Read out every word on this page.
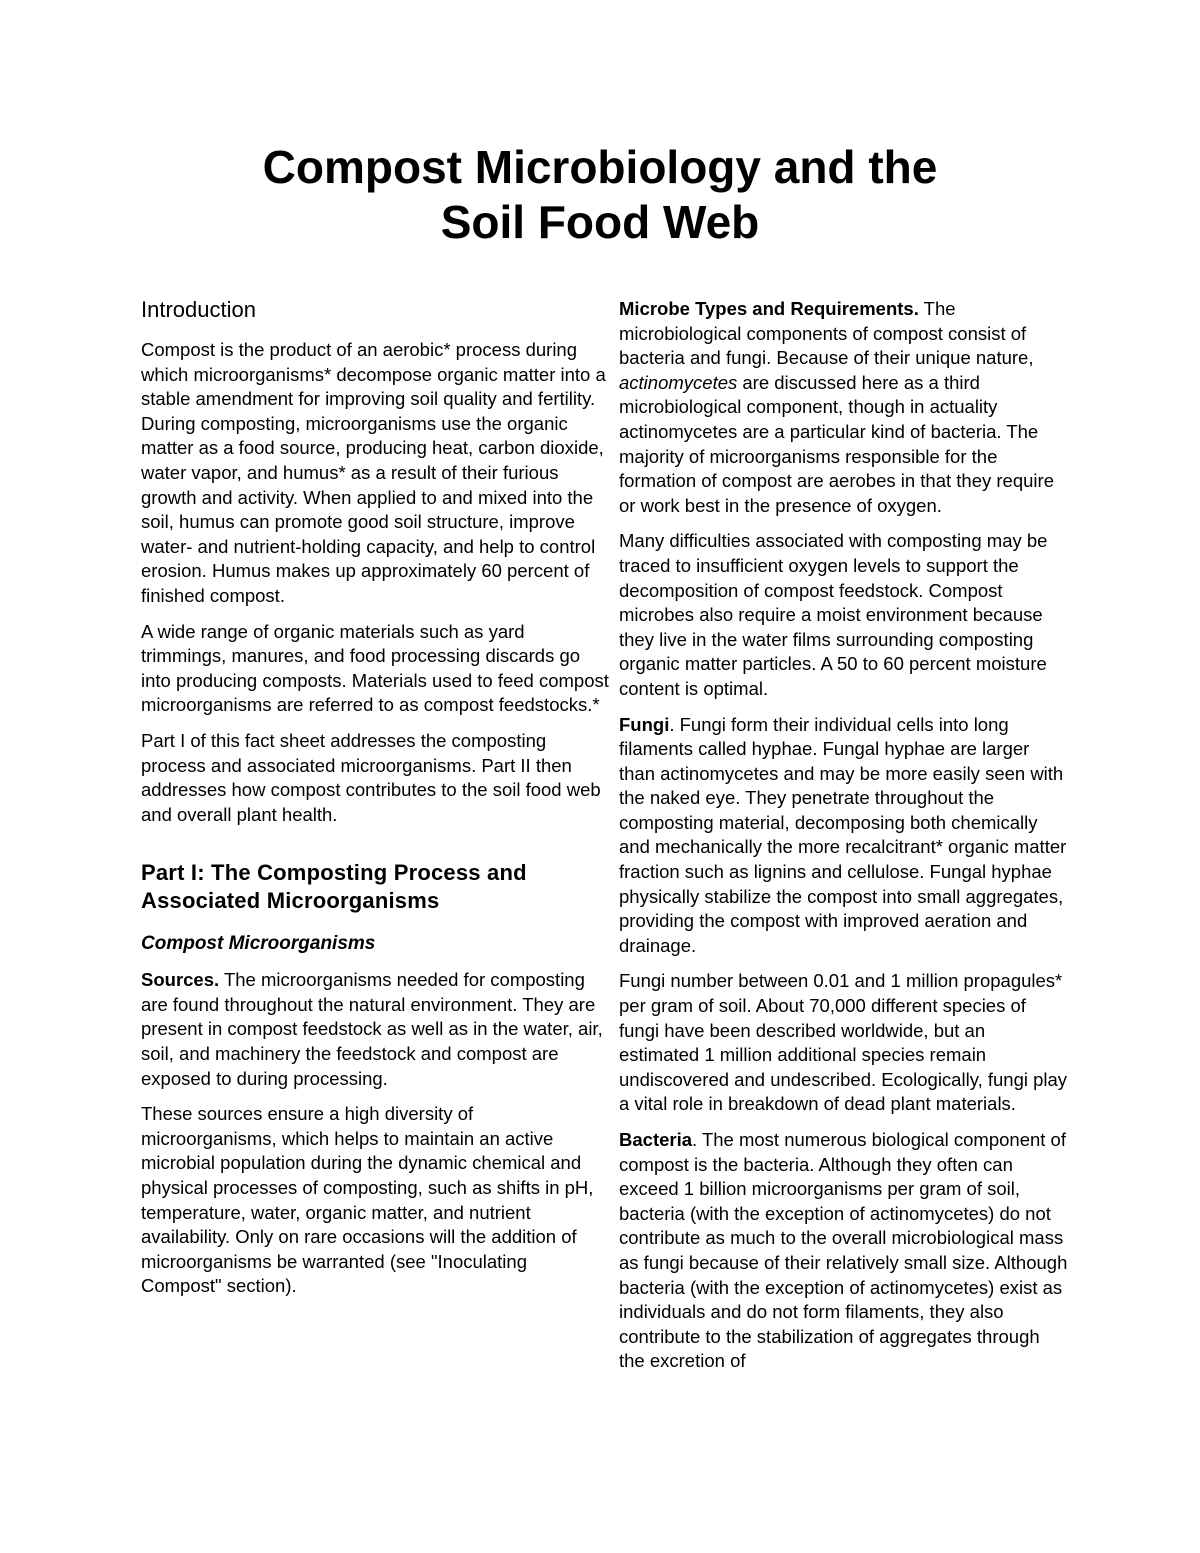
Compost Microbiology and the
Soil Food Web
Introduction

Compost is the product of an aerobic* process during which microorganisms* decompose organic matter into a stable amendment for improving soil quality and fertility. During composting, microorganisms use the organic matter as a food source, producing heat, carbon dioxide, water vapor, and humus* as a result of their furious growth and activity. When applied to and mixed into the soil, humus can promote good soil structure, improve water- and nutrient-holding capacity, and help to control erosion. Humus makes up approximately 60 percent of finished compost.

A wide range of organic materials such as yard trimmings, manures, and food processing discards go into producing composts. Materials used to feed compost microorganisms are referred to as compost feedstocks.*

Part I of this fact sheet addresses the composting process and associated microorganisms. Part II then addresses how compost contributes to the soil food web and overall plant health.

Part I: The Composting Process and
Associated Microorganisms
Compost Microorganisms

Sources. The microorganisms needed for composting are found throughout the natural environment. They are present in compost feedstock as well as in the water, air, soil, and machinery the feedstock and compost are exposed to during processing.

These sources ensure a high diversity of microorganisms, which helps to maintain an active microbial population during the dynamic chemical and physical processes of composting, such as shifts in pH, temperature, water, organic matter, and nutrient availability. Only on rare occasions will the addition of microorganisms be warranted (see "Inoculating Compost" section).

Microbe Types and Requirements. The microbiological components of compost consist of bacteria and fungi. Because of their unique nature, actinomycetes are discussed here as a third microbiological component, though in actuality actinomycetes are a particular kind of bacteria. The majority of microorganisms responsible for the formation of compost are aerobes in that they require or work best in the presence of oxygen.

Many difficulties associated with composting may be traced to insufficient oxygen levels to support the decomposition of compost feedstock. Compost microbes also require a moist environment because they live in the water films surrounding composting organic matter particles. A 50 to 60 percent moisture content is optimal.

Fungi. Fungi form their individual cells into long filaments called hyphae. Fungal hyphae are larger than actinomycetes and may be more easily seen with the naked eye. They penetrate throughout the composting material, decomposing both chemically and mechanically the more recalcitrant* organic matter fraction such as lignins and cellulose. Fungal hyphae physically stabilize the compost into small aggregates, providing the compost with improved aeration and drainage.

Fungi number between 0.01 and 1 million propagules* per gram of soil. About 70,000 different species of fungi have been described worldwide, but an estimated 1 million additional species remain undiscovered and undescribed. Ecologically, fungi play a vital role in breakdown of dead plant materials.

Bacteria. The most numerous biological component of compost is the bacteria. Although they often can exceed 1 billion microorganisms per gram of soil, bacteria (with the exception of actinomycetes) do not contribute as much to the overall microbiological mass as fungi because of their relatively small size. Although bacteria (with the exception of actinomycetes) exist as individuals and do not form filaments, they also contribute to the stabilization of aggregates through the excretion of
